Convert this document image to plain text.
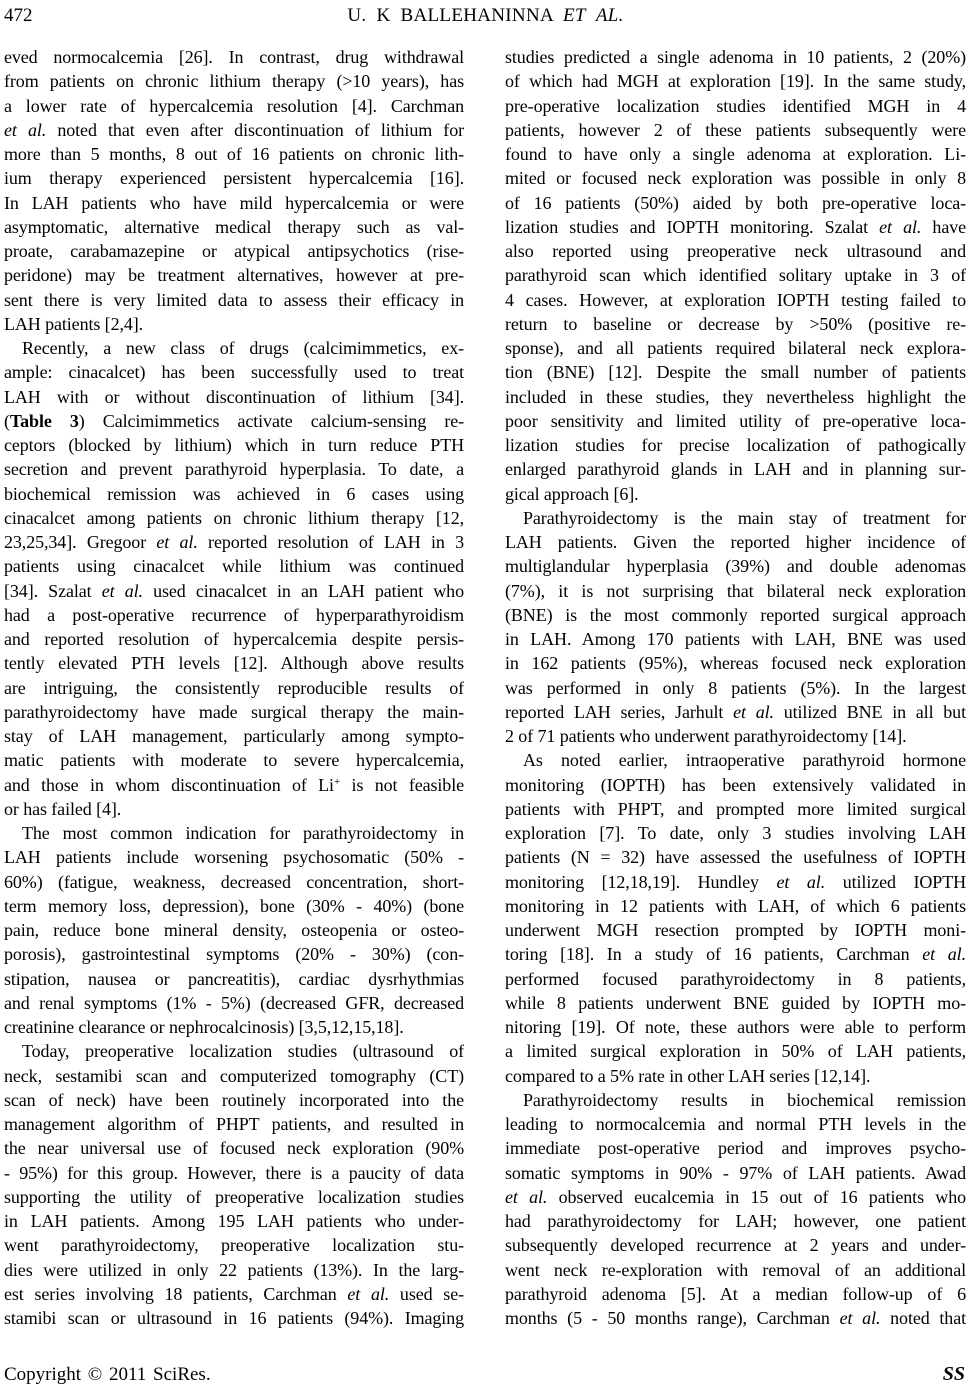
472	U. K BALLEHANINNA ET AL.
eved normocalcemia [26]. In contrast, drug withdrawal
from patients on chronic lithium therapy (>10 years), has
a lower rate of hypercalcemia resolution [4]. Carchman
et al. noted that even after discontinuation of lithium for
more than 5 months, 8 out of 16 patients on chronic lith-
ium therapy experienced persistent hypercalcemia [16].
In LAH patients who have mild hypercalcemia or were
asymptomatic, alternative medical therapy such as val-
proate, carabamazepine or atypical antipsychotics (rise-
peridone) may be treatment alternatives, however at pre-
sent there is very limited data to assess their efficacy in
LAH patients [2,4].
Recently, a new class of drugs (calcimimmetics, ex-
ample: cinacalcet) has been successfully used to treat
LAH with or without discontinuation of lithium [34].
(Table 3) Calcimimmetics activate calcium-sensing re-
ceptors (blocked by lithium) which in turn reduce PTH
secretion and prevent parathyroid hyperplasia. To date, a
biochemical remission was achieved in 6 cases using
cinacalcet among patients on chronic lithium therapy [12,
23,25,34]. Gregoor et al. reported resolution of LAH in 3
patients using cinacalcet while lithium was continued
[34]. Szalat et al. used cinacalcet in an LAH patient who
had a post-operative recurrence of hyperparathyroidism
and reported resolution of hypercalcemia despite persis-
tently elevated PTH levels [12]. Although above results
are intriguing, the consistently reproducible results of
parathyroidectomy have made surgical therapy the main-
stay of LAH management, particularly among sympto-
matic patients with moderate to severe hypercalcemia,
and those in whom discontinuation of Li+ is not feasible
or has failed [4].
The most common indication for parathyroidectomy in
LAH patients include worsening psychosomatic (50% -
60%) (fatigue, weakness, decreased concentration, short-
term memory loss, depression), bone (30% - 40%) (bone
pain, reduce bone mineral density, osteopenia or osteo-
porosis), gastrointestinal symptoms (20% - 30%) (con-
stipation, nausea or pancreatitis), cardiac dysrhythmias
and renal symptoms (1% - 5%) (decreased GFR, decreased
creatinine clearance or nephrocalcinosis) [3,5,12,15,18].
Today, preoperative localization studies (ultrasound of
neck, sestamibi scan and computerized tomography (CT)
scan of neck) have been routinely incorporated into the
management algorithm of PHPT patients, and resulted in
the near universal use of focused neck exploration (90%
- 95%) for this group. However, there is a paucity of data
supporting the utility of preoperative localization studies
in LAH patients. Among 195 LAH patients who under-
went parathyroidectomy, preoperative localization stu-
dies were utilized in only 22 patients (13%). In the larg-
est series involving 18 patients, Carchman et al. used se-
stamibi scan or ultrasound in 16 patients (94%). Imaging
studies predicted a single adenoma in 10 patients, 2 (20%)
of which had MGH at exploration [19]. In the same study,
pre-operative localization studies identified MGH in 4
patients, however 2 of these patients subsequently were
found to have only a single adenoma at exploration. Li-
mited or focused neck exploration was possible in only 8
of 16 patients (50%) aided by both pre-operative loca-
lization studies and IOPTH monitoring. Szalat et al. have
also reported using preoperative neck ultrasound and
parathyroid scan which identified solitary uptake in 3 of
4 cases. However, at exploration IOPTH testing failed to
return to baseline or decrease by >50% (positive re-
sponse), and all patients required bilateral neck explora-
tion (BNE) [12]. Despite the small number of patients
included in these studies, they nevertheless highlight the
poor sensitivity and limited utility of pre-operative loca-
lization studies for precise localization of pathogically
enlarged parathyroid glands in LAH and in planning sur-
gical approach [6].
Parathyroidectomy is the main stay of treatment for
LAH patients. Given the reported higher incidence of
multiglandular hyperplasia (39%) and double adenomas
(7%), it is not surprising that bilateral neck exploration
(BNE) is the most commonly reported surgical approach
in LAH. Among 170 patients with LAH, BNE was used
in 162 patients (95%), whereas focused neck exploration
was performed in only 8 patients (5%). In the largest
reported LAH series, Jarhult et al. utilized BNE in all but
2 of 71 patients who underwent parathyroidectomy [14].
As noted earlier, intraoperative parathyroid hormone
monitoring (IOPTH) has been extensively validated in
patients with PHPT, and prompted more limited surgical
exploration [7]. To date, only 3 studies involving LAH
patients (N = 32) have assessed the usefulness of IOPTH
monitoring [12,18,19]. Hundley et al. utilized IOPTH
monitoring in 12 patients with LAH, of which 6 patients
underwent MGH resection prompted by IOPTH moni-
toring [18]. In a study of 16 patients, Carchman et al.
performed focused parathyroidectomy in 8 patients,
while 8 patients underwent BNE guided by IOPTH mo-
nitoring [19]. Of note, these authors were able to perform
a limited surgical exploration in 50% of LAH patients,
compared to a 5% rate in other LAH series [12,14].
Parathyroidectomy results in biochemical remission
leading to normocalcemia and normal PTH levels in the
immediate post-operative period and improves psycho-
somatic symptoms in 90% - 97% of LAH patients. Awad
et al. observed eucalcemia in 15 out of 16 patients who
had parathyroidectomy for LAH; however, one patient
subsequently developed recurrence at 2 years and under-
went neck re-exploration with removal of an additional
parathyroid adenoma [5]. At a median follow-up of 6
months (5 - 50 months range), Carchman et al. noted that
Copyright © 2011 SciRes.	SS
